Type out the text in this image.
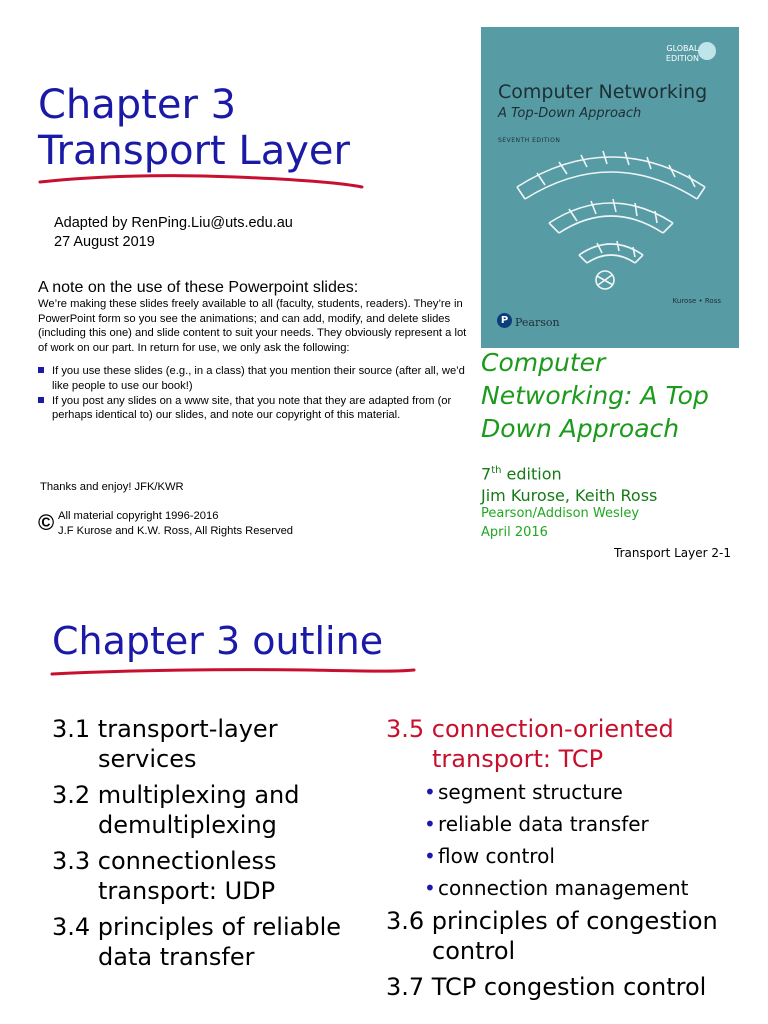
Chapter 3
Transport Layer
Adapted by RenPing.Liu@uts.edu.au
27 August 2019
A note on the use of these Powerpoint slides:

We’re making these slides freely available to all (faculty, students, readers). They’re in PowerPoint form so you see the animations; and can add, modify, and delete slides (including this one) and slide content to suit your needs. They obviously represent a lot of work on our part. In return for use, we only ask the following:

If you use these slides (e.g., in a class) that you mention their source (after all, we’d like people to use our book!)
If you post any slides on a www site, that you note that they are adapted from (or perhaps identical to) our slides, and note our copyright of this material.
Thanks and enjoy! JFK/KWR
© All material copyright 1996-2016
J.F Kurose and K.W. Ross, All Rights Reserved
GLOBAL
EDITION
Computer Networking
A Top-Down Approach
SEVENTH EDITION
Kurose • Ross
P Pearson
Computer Networking: A Top Down Approach
7th edition
Jim Kurose, Keith Ross
Pearson/Addison Wesley
April 2016
Transport Layer 2-1
Chapter 3 outline
3.1 transport-layer services
3.2 multiplexing and demultiplexing
3.3 connectionless transport: UDP
3.4 principles of reliable data transfer
3.5 connection-oriented transport: TCP
• segment structure
• reliable data transfer
• flow control
• connection management
3.6 principles of congestion control
3.7 TCP congestion control
